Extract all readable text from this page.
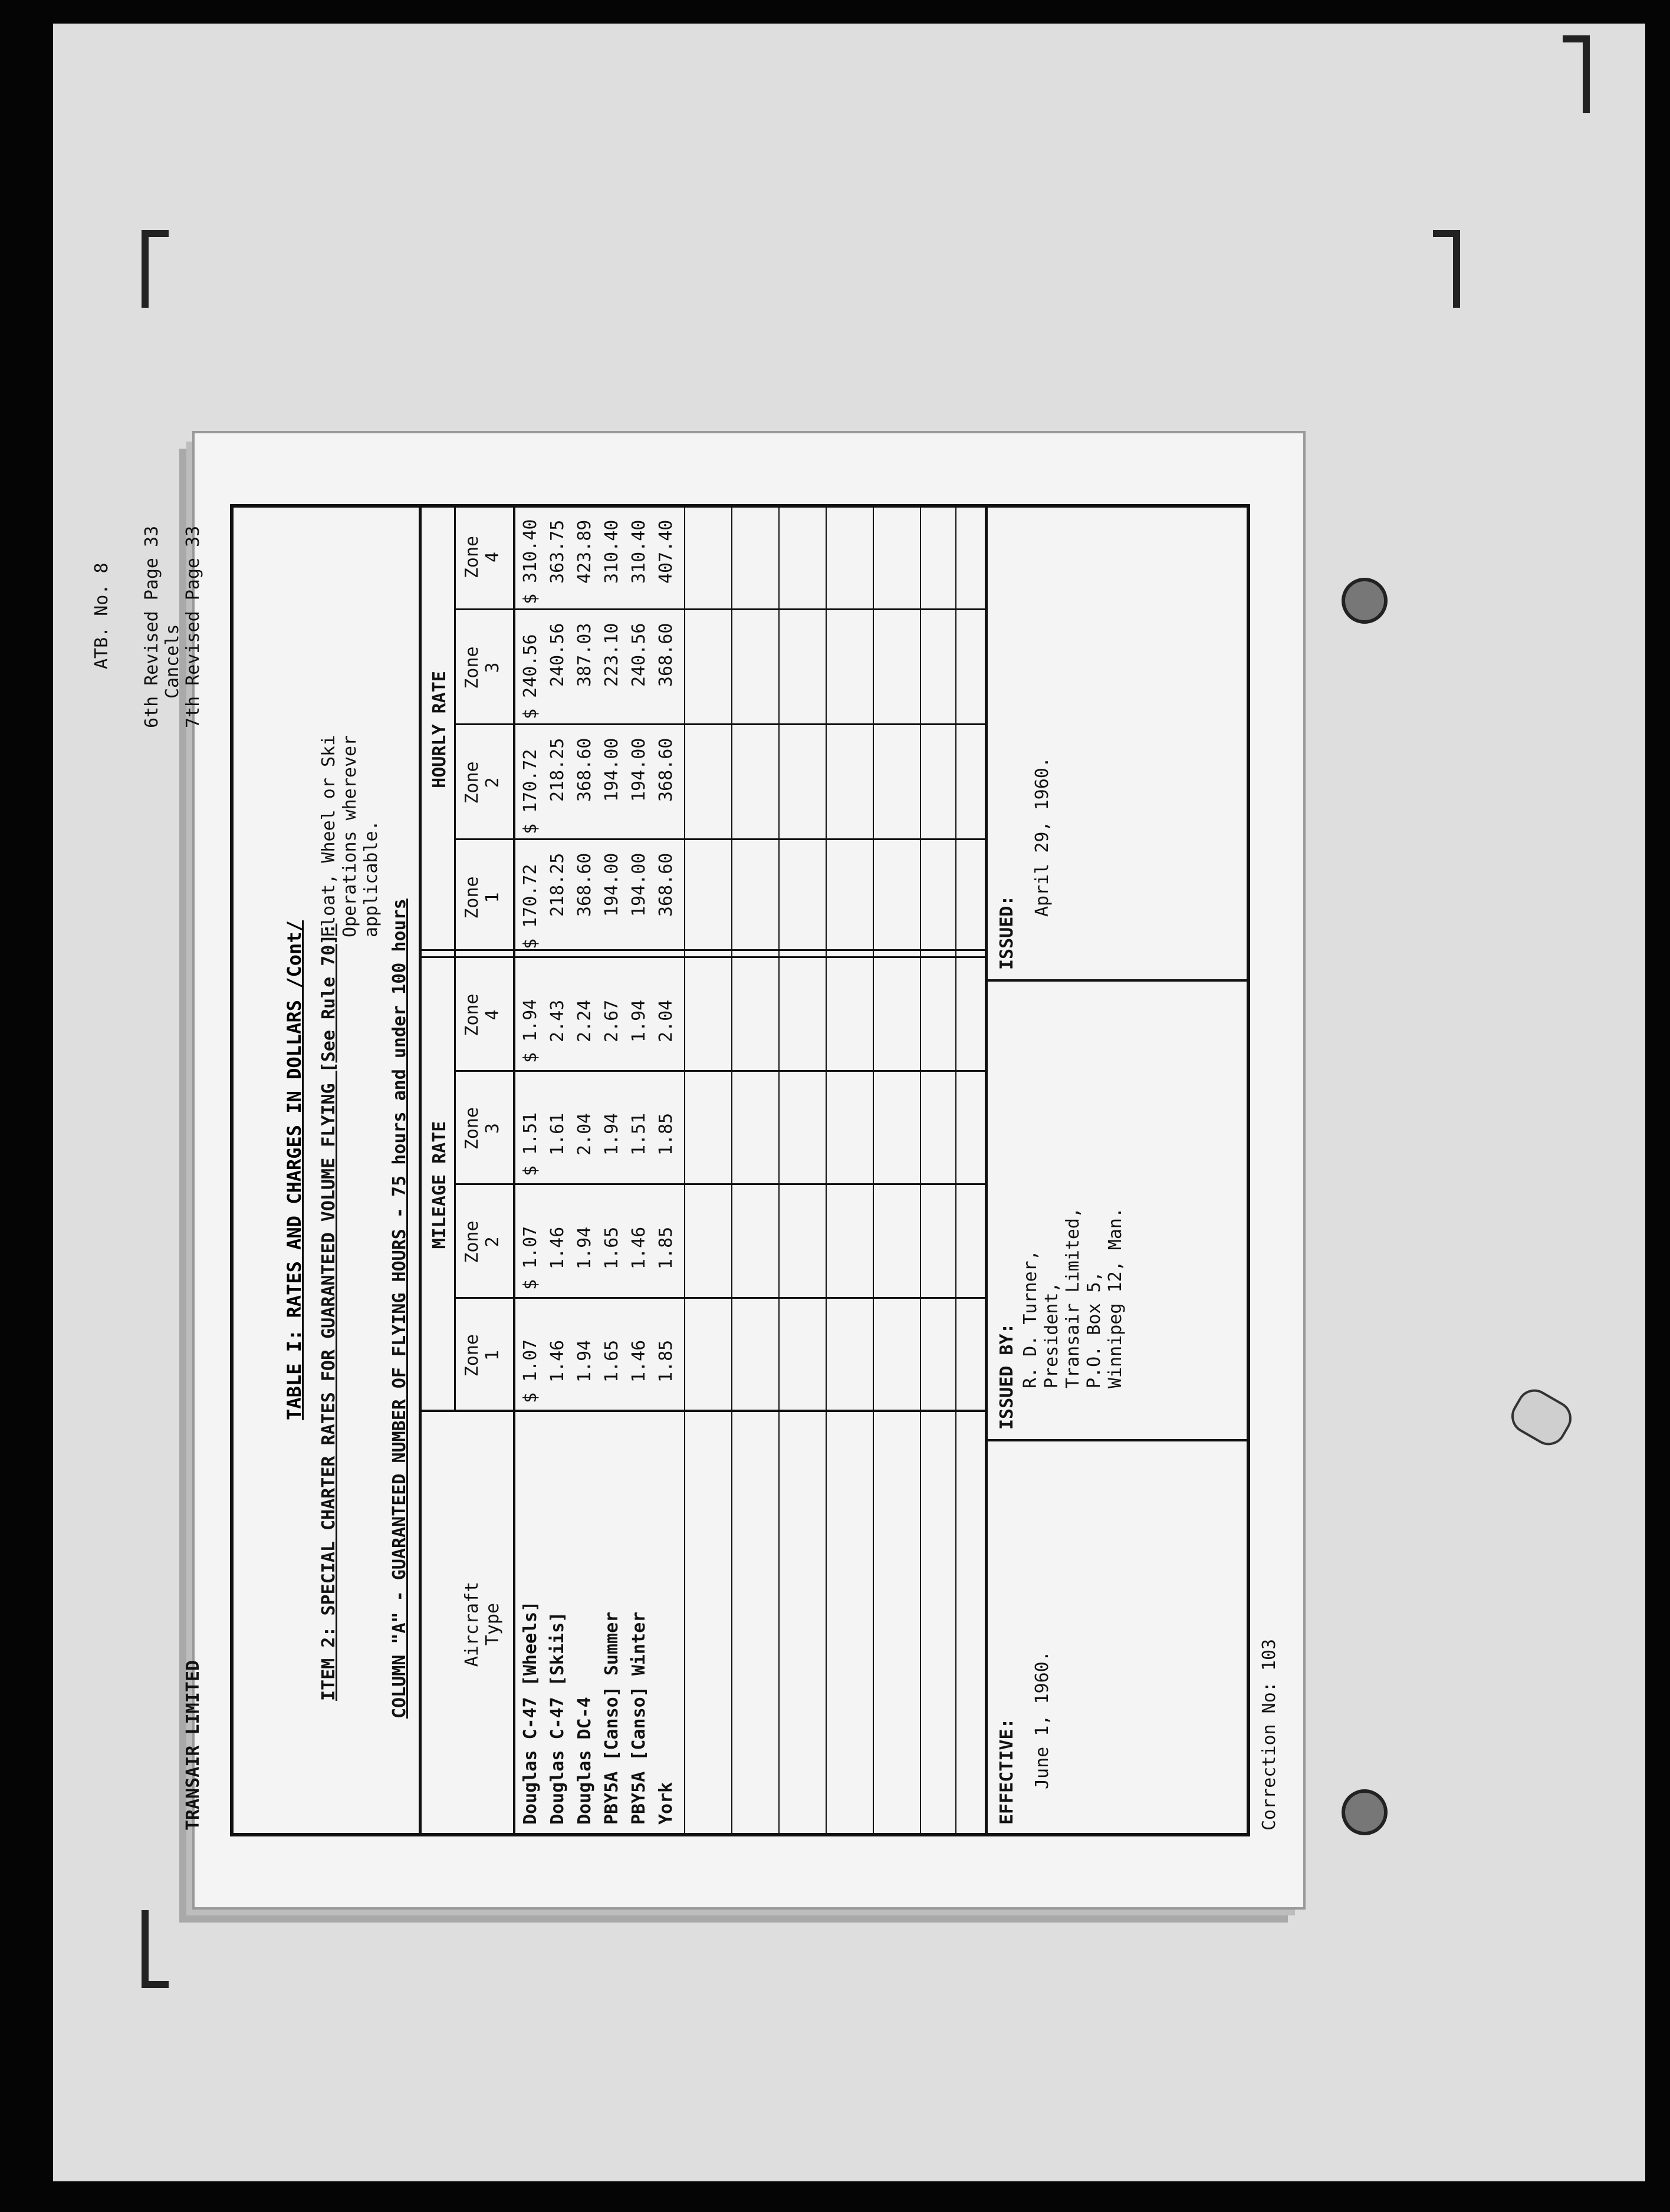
TRANSAIR LIMITED
7th Revised Page 33
Cancels
6th Revised Page 33
TABLE I: RATES AND CHARGES IN DOLLARS /Cont/ ITEM 2: SPECIAL CHARTER RATES FOR GUARANTEED VOLUME FLYING [See Rule 70]:
Float, Wheel or Ski Operations wherever applicable.
COLUMN "A" - GUARANTEED NUMBER OF FLYING HOURS - 75 hours and under 100 hours	Aircraft Type
MILEAGE RATE
HOURLY RATE
Zone 1
Zone 2
Zone 3
Zone 4
Zone 1
Zone 2
Zone 3
Zone 4
Douglas C-47 [Wheels]
$ 1.07
$ 1.07
$ 1.51
$ 1.94
$ 170.72
$ 170.72
$ 240.56
$ 310.40
Douglas C-47 [Skiis]
1.46
1.46
1.61
2.43
218.25
218.25
240.56
363.75
Douglas DC-4
1.94
1.94
2.04
2.24
368.60
368.60
387.03
423.89
PBY5A [Canso] Summer
1.65
1.65
1.94
2.67
194.00
194.00
223.10
310.40
PBY5A [Canso] Winter
1.46
1.46
1.51
1.94
194.00
194.00
240.56
310.40
York
1.85
1.85
1.85
2.04
368.60
368.60
368.60
407.40
EFFECTIVE: June 1, 1960.
ISSUED BY: R. D. Turner, President, Transair Limited, P.O. Box 5, Winnipeg 12, Man.
ISSUED:
April 29, 1960.
Correction No: 103
ATB. No. 8
